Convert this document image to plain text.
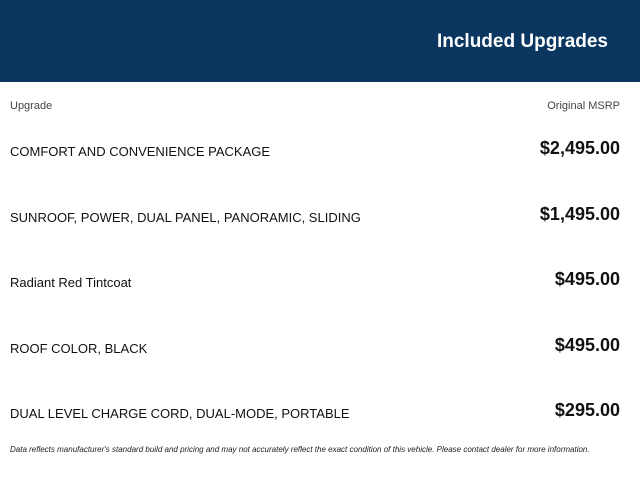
Included Upgrades
Upgrade	Original MSRP
COMFORT AND CONVENIENCE PACKAGE	$2,495.00
SUNROOF, POWER, DUAL PANEL, PANORAMIC, SLIDING	$1,495.00
Radiant Red Tintcoat	$495.00
ROOF COLOR, BLACK	$495.00
DUAL LEVEL CHARGE CORD, DUAL-MODE, PORTABLE	$295.00
Data reflects manufacturer's standard build and pricing and may not accurately reflect the exact condition of this vehicle. Please contact dealer for more information.
